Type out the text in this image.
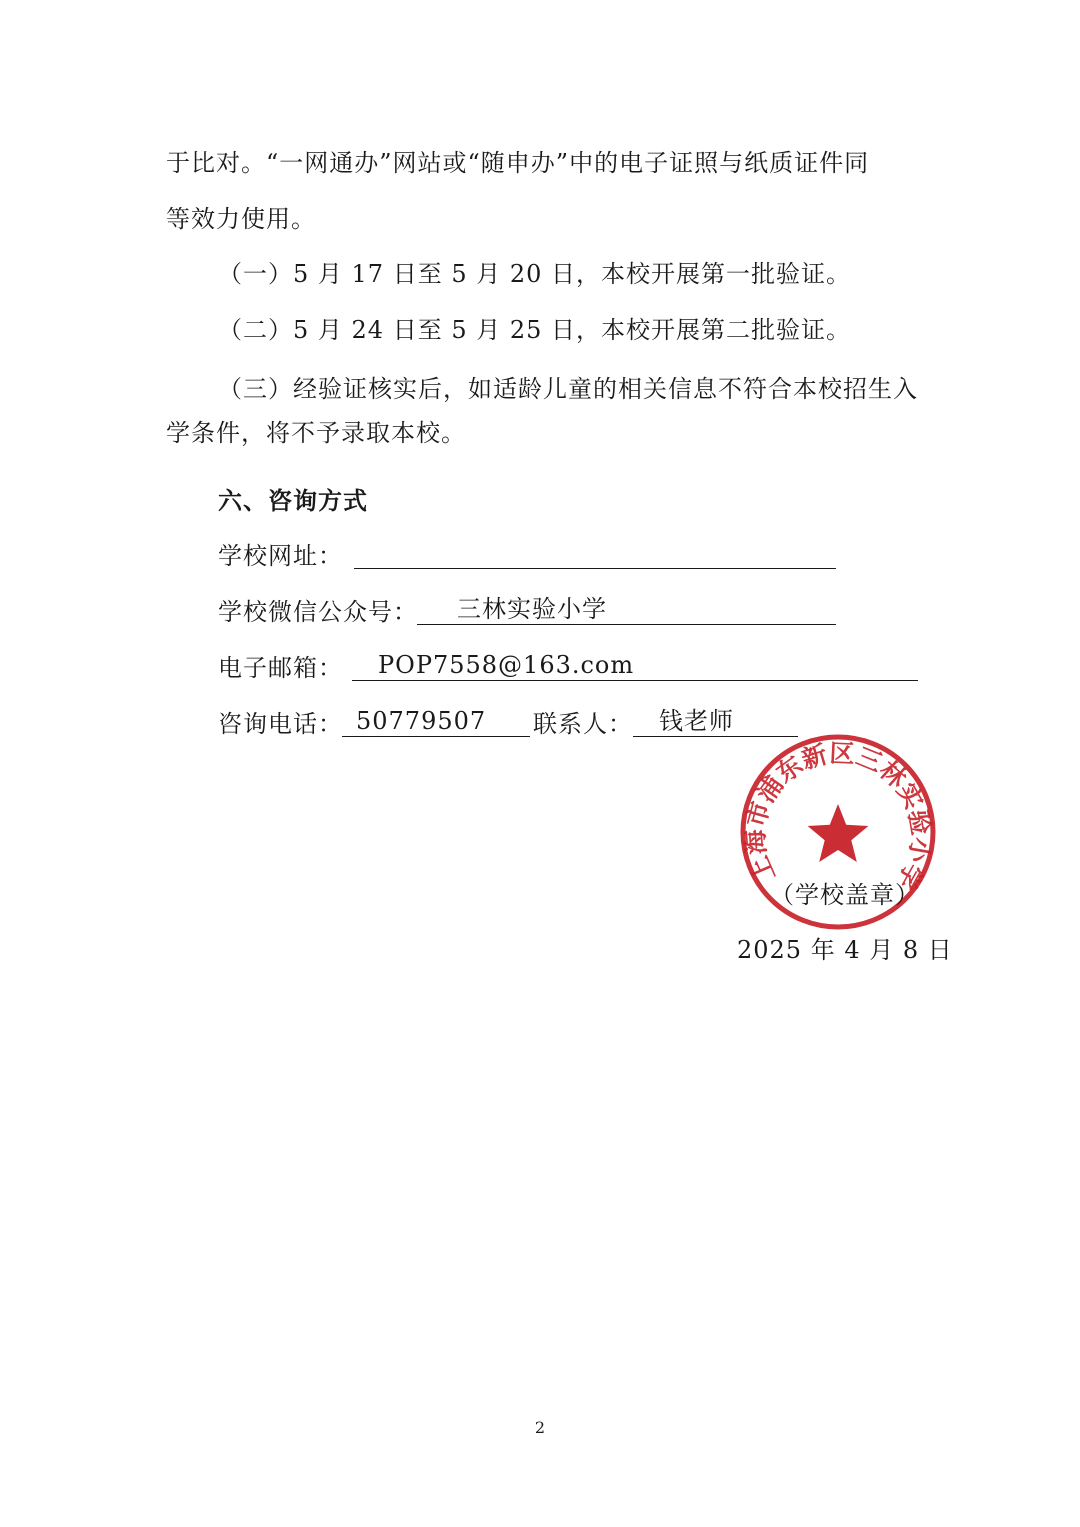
于比对。“一网通办”网站或“随申办”中的电子证照与纸质证件同
等效力使用。
（一）5 月 17 日至 5 月 20 日，本校开展第一批验证。
（二）5 月 24 日至 5 月 25 日，本校开展第二批验证。
（三）经验证核实后，如适龄儿童的相关信息不符合本校招生入
学条件，将不予录取本校。
六、咨询方式
学校网址：
学校微信公众号： 三林实验小学
电子邮箱： POP7558@163.com
咨询电话： 50779507 联系人： 钱老师
上海市浦东新区三林实验小学
（学校盖章）
2025 年 4 月 8 日
2
